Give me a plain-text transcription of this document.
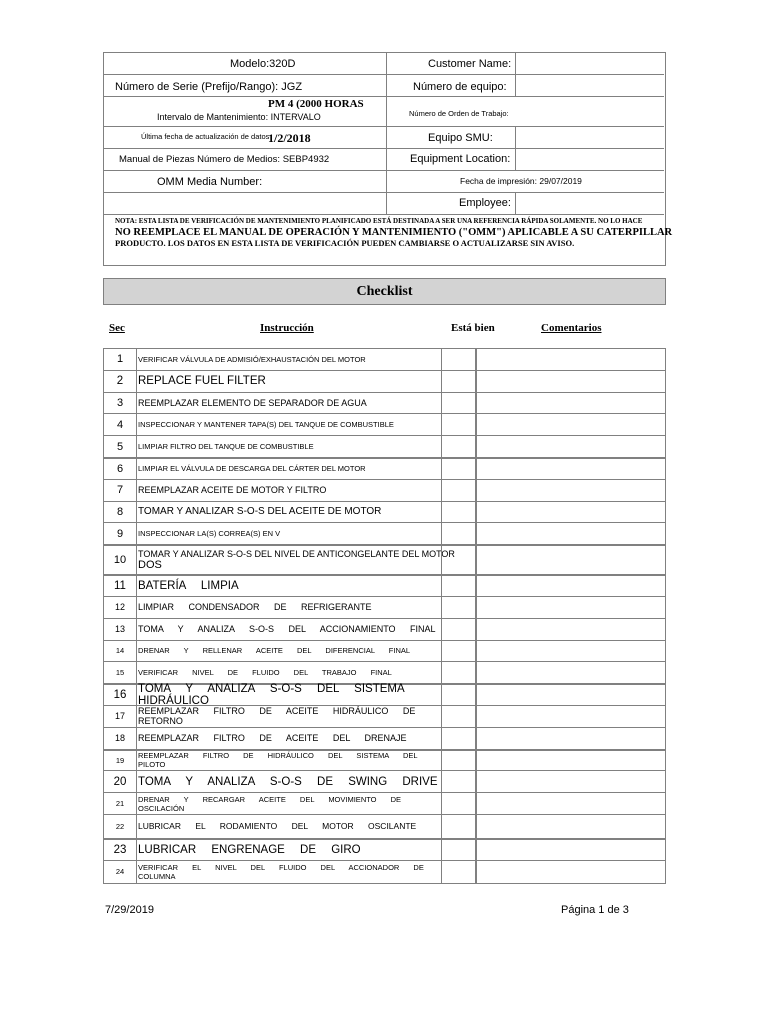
Modelo:320D	Customer Name:
Número de Serie (Prefijo/Rango): JGZ	Número de equipo:
PM 4 (2000 HORAS
Intervalo de Mantenimiento: INTERVALO	Número de Orden de Trabajo:
Última fecha de actualización de datos
1/2/2018	Equipo SMU:
Manual de Piezas Número de Medios: SEBP4932	Equipment Location:
OMM Media Number:	Fecha de impresión: 29/07/2019
Employee:
NOTA: ESTA LISTA DE VERIFICACIÓN DE MANTENIMIENTO PLANIFICADO ESTÁ DESTINADA A SER UNA REFERENCIA RÁPIDA SOLAMENTE. NO LO HACE
NO REEMPLACE EL MANUAL DE OPERACIÓN Y MANTENIMIENTO ("OMM") APLICABLE A SU CATERPILLAR
PRODUCTO. LOS DATOS EN ESTA LISTA DE VERIFICACIÓN PUEDEN CAMBIARSE O ACTUALIZARSE SIN AVISO.
Checklist
Sec	Instrucción	Está bien	Comentarios
1	VERIFICAR VÁLVULA DE ADMISIÓ/EXHAUSTACIÓN DEL MOTOR
2	REPLACE FUEL FILTER
3	REEMPLAZAR ELEMENTO DE SEPARADOR DE AGUA
4	INSPECCIONAR Y MANTENER TAPA(S) DEL TANQUE DE COMBUSTIBLE
5	LIMPIAR FILTRO DEL TANQUE DE COMBUSTIBLE
6	LIMPIAR EL VÁLVULA DE DESCARGA DEL CÁRTER DEL MOTOR
7	REEMPLAZAR ACEITE DE MOTOR Y FILTRO
8	TOMAR Y ANALIZAR S-O-S DEL ACEITE DE MOTOR
9	INSPECCIONAR LA(S) CORREA(S) EN V
10	TOMAR Y ANALIZAR S-O-S DEL NIVEL DE ANTICONGELANTE DEL MOTOR
DOS
11	BATERÍA LIMPIA
12	LIMPIAR CONDENSADOR DE REFRIGERANTE
13	TOMA Y ANALIZA S-O-S DEL ACCIONAMIENTO FINAL
14	DRENAR Y RELLENAR ACEITE DEL DIFERENCIAL FINAL
15	VERIFICAR NIVEL DE FLUIDO DEL TRABAJO FINAL
16	TOMA Y ANALIZA S-O-S DEL SISTEMA HIDRÁULICO
17	REEMPLAZAR FILTRO DE ACEITE HIDRÁULICO DE RETORNO
18	REEMPLAZAR FILTRO DE ACEITE DEL DRENAJE
19	REEMPLAZAR FILTRO DE HIDRÁULICO DEL SISTEMA DEL PILOTO
20	TOMA Y ANALIZA S-O-S DE SWING DRIVE
21	DRENAR Y RECARGAR ACEITE DEL MOVIMIENTO DE OSCILACIÓN
22	LUBRICAR EL RODAMIENTO DEL MOTOR OSCILANTE
23	LUBRICAR ENGRENAGE DE GIRO
24	VERIFICAR EL NIVEL DEL FLUIDO DEL ACCIONADOR DE COLUMNA
7/29/2019	Página 1 de 3
